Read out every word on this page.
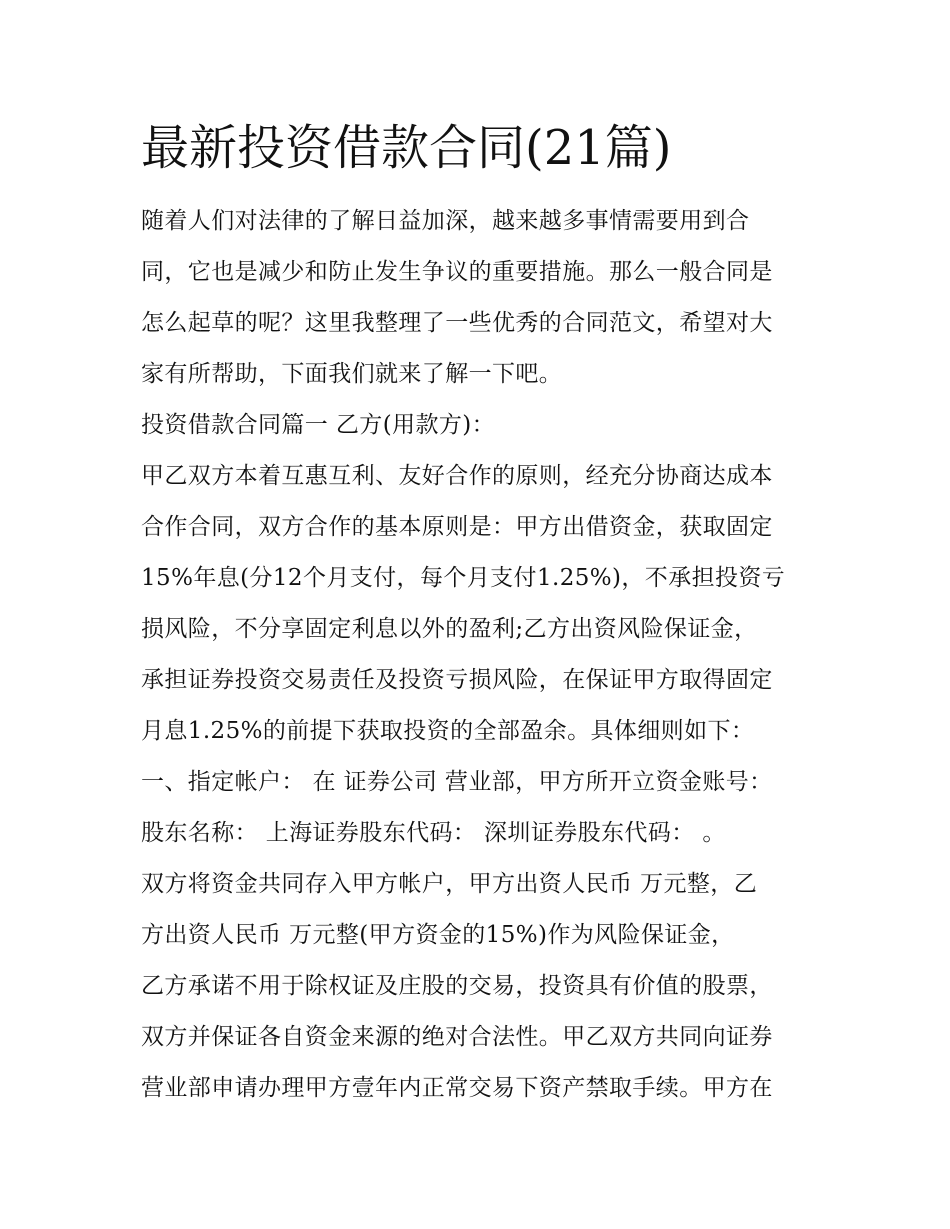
最新投资借款合同(21篇)

随着人们对法律的了解日益加深，越来越多事情需要用到合

同，它也是减少和防止发生争议的重要措施。那么一般合同是

怎么起草的呢？这里我整理了一些优秀的合同范文，希望对大

家有所帮助，下面我们就来了解一下吧。

投资借款合同篇一 乙方(用款方)：

甲乙双方本着互惠互利、友好合作的原则，经充分协商达成本

合作合同，双方合作的基本原则是：甲方出借资金，获取固定

15%年息(分12个月支付，每个月支付1.25%)，不承担投资亏

损风险，不分享固定利息以外的盈利;乙方出资风险保证金，

承担证券投资交易责任及投资亏损风险，在保证甲方取得固定

月息1.25%的前提下获取投资的全部盈余。具体细则如下：

一、指定帐户： 在 证券公司 营业部，甲方所开立资金账号：

股东名称： 上海证券股东代码： 深圳证券股东代码： 。

双方将资金共同存入甲方帐户，甲方出资人民币 万元整，乙

方出资人民币 万元整(甲方资金的15%)作为风险保证金，

乙方承诺不用于除权证及庄股的交易，投资具有价值的股票，

双方并保证各自资金来源的绝对合法性。甲乙双方共同向证券

营业部申请办理甲方壹年内正常交易下资产禁取手续。甲方在
